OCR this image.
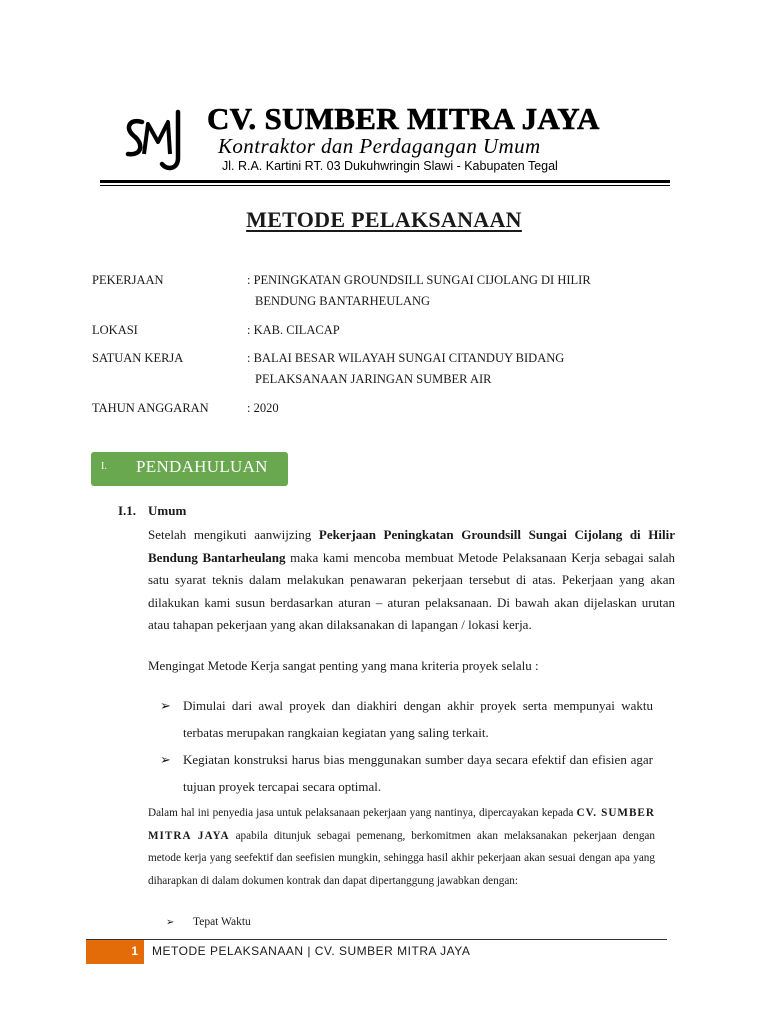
CV. SUMBER MITRA JAYA
Kontraktor dan Perdagangan Umum
Jl. R.A. Kartini RT. 03 Dukuhwringin Slawi - Kabupaten Tegal
METODE PELAKSANAAN
PEKERJAAN	: PENINGKATAN GROUNDSILL SUNGAI CIJOLANG DI HILIR
BENDUNG BANTARHEULANG
LOKASI	: KAB. CILACAP
SATUAN KERJA	: BALAI BESAR WILAYAH SUNGAI CITANDUY BIDANG
PELAKSANAAN JARINGAN SUMBER AIR
TAHUN ANGGARAN	: 2020
I. PENDAHULUAN
I.1. Umum
Setelah mengikuti aanwijzing Pekerjaan Peningkatan Groundsill Sungai Cijolang di Hilir Bendung Bantarheulang maka kami mencoba membuat Metode Pelaksanaan Kerja sebagai salah satu syarat teknis dalam melakukan penawaran pekerjaan tersebut di atas. Pekerjaan yang akan dilakukan kami susun berdasarkan aturan – aturan pelaksanaan. Di bawah akan dijelaskan urutan atau tahapan pekerjaan yang akan dilaksanakan di lapangan / lokasi kerja.
Mengingat Metode Kerja sangat penting yang mana kriteria proyek selalu :
➢ Dimulai dari awal proyek dan diakhiri dengan akhir proyek serta mempunyai waktu terbatas merupakan rangkaian kegiatan yang saling terkait.
➢ Kegiatan konstruksi harus bias menggunakan sumber daya secara efektif dan efisien agar tujuan proyek tercapai secara optimal.
Dalam hal ini penyedia jasa untuk pelaksanaan pekerjaan yang nantinya, dipercayakan kepada CV. SUMBER MITRA JAYA apabila ditunjuk sebagai pemenang, berkomitmen akan melaksanakan pekerjaan dengan metode kerja yang seefektif dan seefisien mungkin, sehingga hasil akhir pekerjaan akan sesuai dengan apa yang diharapkan di dalam dokumen kontrak dan dapat dipertanggung jawabkan dengan:
➢ Tepat Waktu
1 METODE PELAKSANAAN | CV. SUMBER MITRA JAYA
